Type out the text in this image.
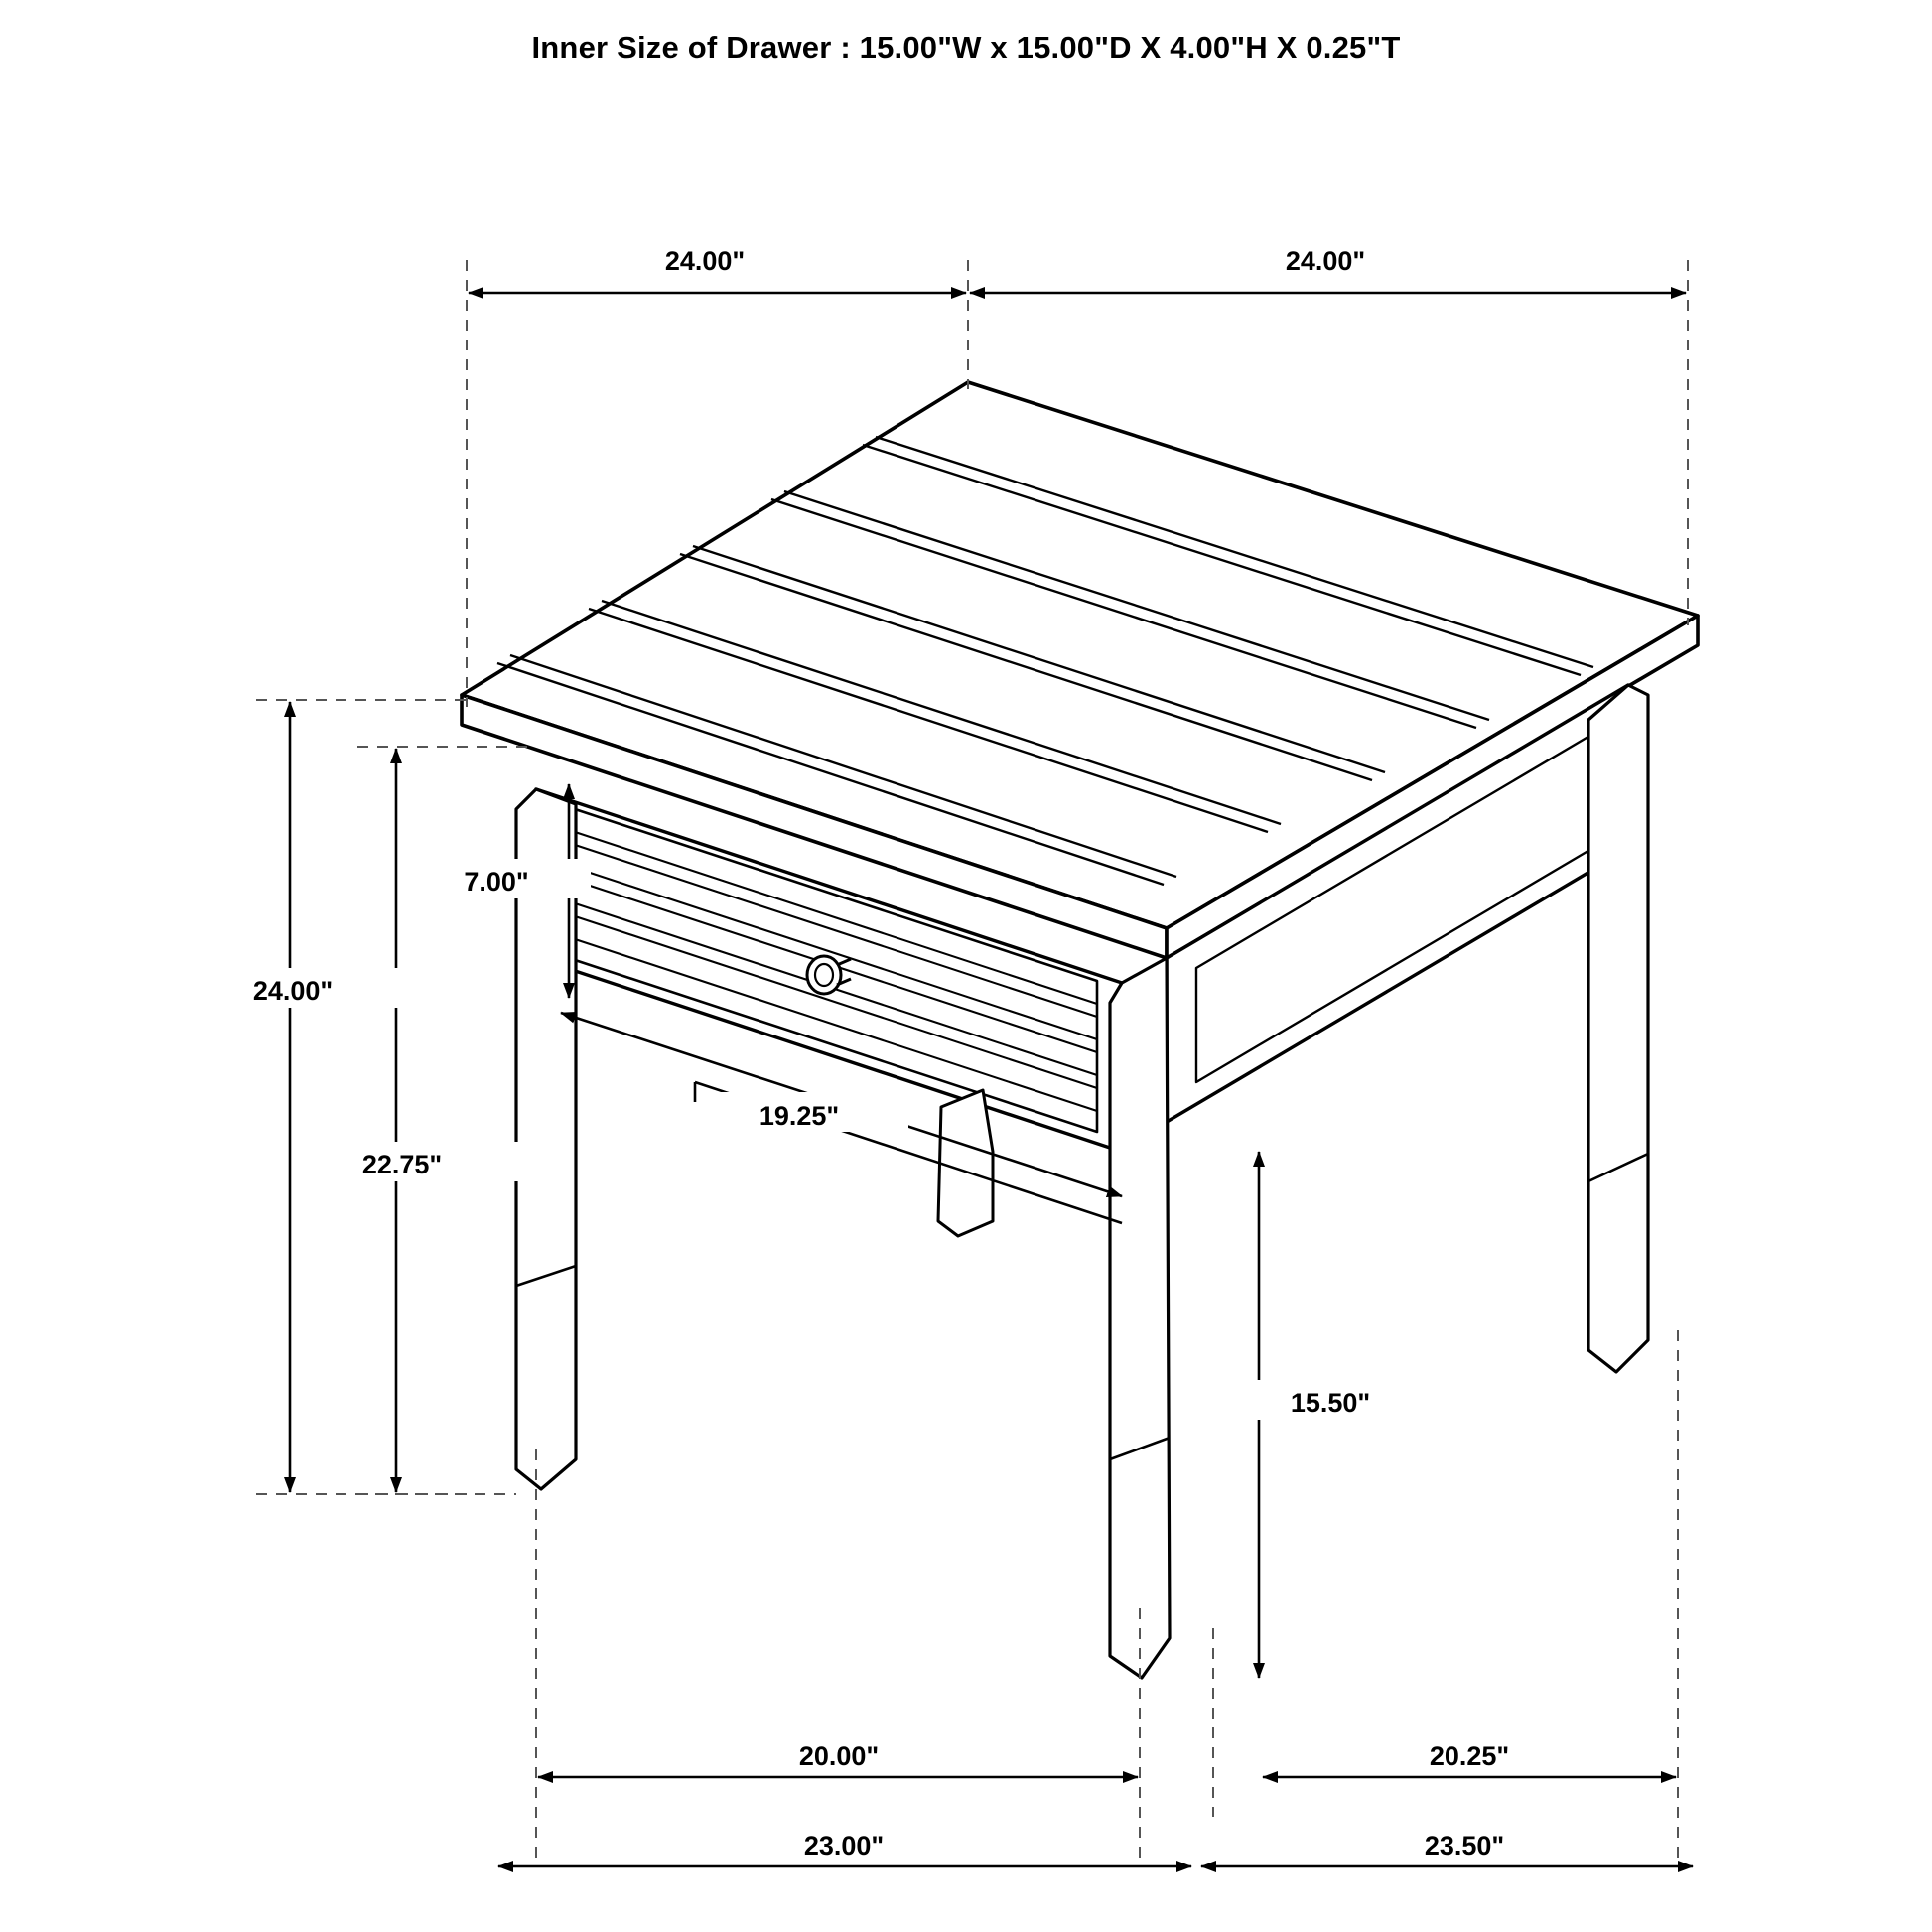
Inner Size of Drawer : 15.00"W x 15.00"D X 4.00"H X 0.25"T
24.00"	24.00"
7.00"
24.00"
22.75"
19.25"
15.50"
20.00"	20.25"
23.00"	23.50"
